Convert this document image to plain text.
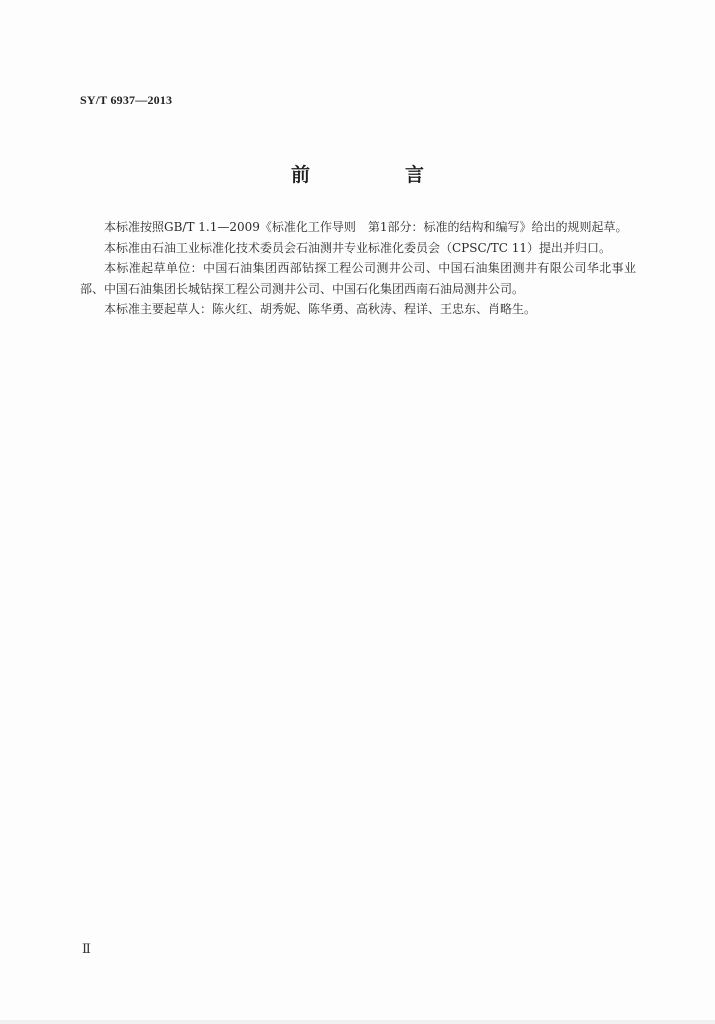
SY/T 6937—2013
前　言

本标准按照GB/T 1.1—2009《标准化工作导则　第1部分：标准的结构和编写》给出的规则起草。

本标准由石油工业标准化技术委员会石油测井专业标准化委员会（CPSC/TC 11）提出并归口。

本标准起草单位：中国石油集团西部钻探工程公司测井公司、中国石油集团测井有限公司华北事业部、中国石油集团长城钻探工程公司测井公司、中国石化集团西南石油局测井公司。

本标准主要起草人：陈火红、胡秀妮、陈华勇、高秋涛、程详、王忠东、肖略生。

Ⅱ
